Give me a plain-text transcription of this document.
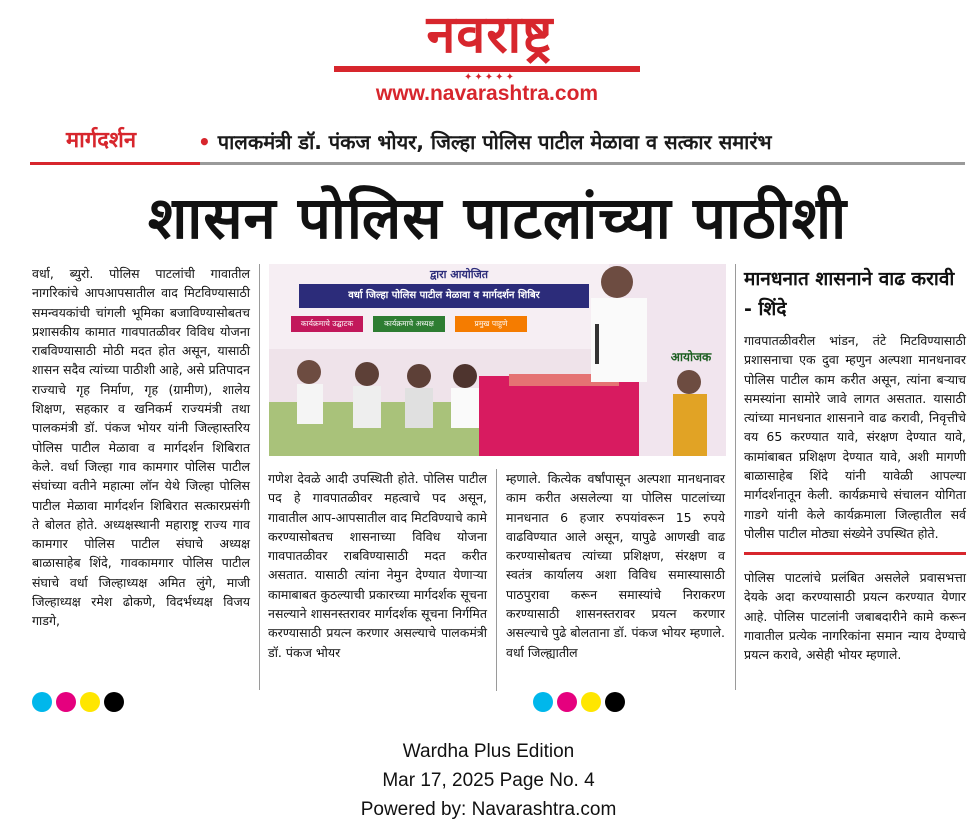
नवराष्ट्र
✦✦✦✦✦
www.navarashtra.com
मार्गदर्शन	• पालकमंत्री डॉ. पंकज भोयर, जिल्हा पोलिस पाटील मेळावा व सत्कार समारंभ
शासन पोलिस पाटलांच्या पाठीशी
वर्धा, ब्युरो. पोलिस पाटलांची गावातील नागरिकांचे आपआपसातील वाद मिटविण्यासाठी समन्वयकांची चांगली भूमिका बजाविण्यासोबतच प्रशासकीय कामात गावपातळीवर विविध योजना राबविण्यासाठी मोठी मदत होत असून, यासाठी शासन सदैव त्यांच्या पाठीशी आहे, असे प्रतिपादन राज्याचे गृह निर्माण, गृह (ग्रामीण), शालेय शिक्षण, सहकार व खनिकर्म राज्यमंत्री तथा पालकमंत्री डॉ. पंकज भोयर यांनी जिल्हास्तरिय पोलिस पाटील मेळावा व मार्गदर्शन शिबिरात केले. वर्धा जिल्हा गाव कामगार पोलिस पाटील संघांच्या वतीने महात्मा लॉन येथे जिल्हा पोलिस पाटील मेळावा मार्गदर्शन शिबिरात सत्कारप्रसंगी ते बोलत होते. अध्यक्षस्थानी महाराष्ट्र राज्य गाव कामगार पोलिस पाटील संघाचे अध्यक्ष बाळासाहेब शिंदे, गावकामगार पोलिस पाटील संघाचे वर्धा जिल्हाध्यक्ष अमित लुंगे, माजी जिल्हाध्यक्ष रमेश ढोकणे, विदर्भध्यक्ष विजय गाडगे,
द्वारा आयोजित
वर्धा जिल्हा पोलिस पाटील मेळावा व मार्गदर्शन शिबिर
कार्यक्रमाचे उद्घाटक	कार्यक्रमाचे अध्यक्ष	प्रमुख पाहुणे
आयोजक
गणेश देवळे आदी उपस्थिती होते. पोलिस पाटील पद हे गावपातळीवर महत्वाचे पद असून, गावातील आप-आपसातील वाद मिटविण्याचे कामे करण्यासोबतच शासनाच्या विविध योजना गावपातळीवर राबविण्यासाठी मदत करीत असतात. यासाठी त्यांना नेमुन देण्यात येणाऱ्या कामाबाबत कुठल्याची प्रकारच्या मार्गदर्शक सूचना नसल्याने शासनस्तरावर मार्गदर्शक सूचना निर्गमित करण्यासाठी प्रयत्न करणार असल्याचे पालकमंत्री डॉ. पंकज भोयर
म्हणाले. कित्येक वर्षांपासून अल्पशा मानधनावर काम करीत असलेल्या या पोलिस पाटलांच्या मानधनात 6 हजार रुपयांवरून 15 रुपये वाढविण्यात आले असून, यापुढे आणखी वाढ करण्यासोबतच त्यांच्या प्रशिक्षण, संरक्षण व स्वतंत्र कार्यालय अशा विविध समास्यासाठी पाठपुरावा करून समास्यांचे निराकरण करण्यासाठी शासनस्तरावर प्रयत्न करणार असल्याचे पुढे बोलताना डॉ. पंकज भोयर म्हणाले. वर्धा जिल्ह्यातील
मानधनात शासनाने वाढ करावी - शिंदे
गावपातळीवरील भांडन, तंटे मिटविण्यासाठी प्रशासनाचा एक दुवा म्हणुन अल्पशा मानधनावर पोलिस पाटील काम करीत असून, त्यांना बऱ्याच समस्यांना सामोरे जावे लागत असतात. यासाठी त्यांच्या मानधनात शासनाने वाढ करावी, निवृत्तीचे वय 65 करण्यात यावे, संरक्षण देण्यात यावे, कामांबाबत प्रशिक्षण देण्यात यावे, अशी मागणी बाळासाहेब शिंदे यांनी यावेळी आपल्या मार्गदर्शनातून केली. कार्यक्रमाचे संचालन योगिता गाडगे यांनी केले कार्यक्रमाला जिल्हातील सर्व पोलीस पाटील मोठ्या संख्येने उपस्थित होते.
पोलिस पाटलांचे प्रलंबित असलेले प्रवासभत्ता देयके अदा करण्यासाठी प्रयत्न करण्यात येणार आहे. पोलिस पाटलांनी जबाबदारीने कामे करून गावातील प्रत्येक नागरिकांना समान न्याय देण्याचे प्रयत्न करावे, असेही भोयर म्हणाले.
Wardha Plus Edition
Mar 17, 2025 Page No. 4
Powered by: Navarashtra.com
